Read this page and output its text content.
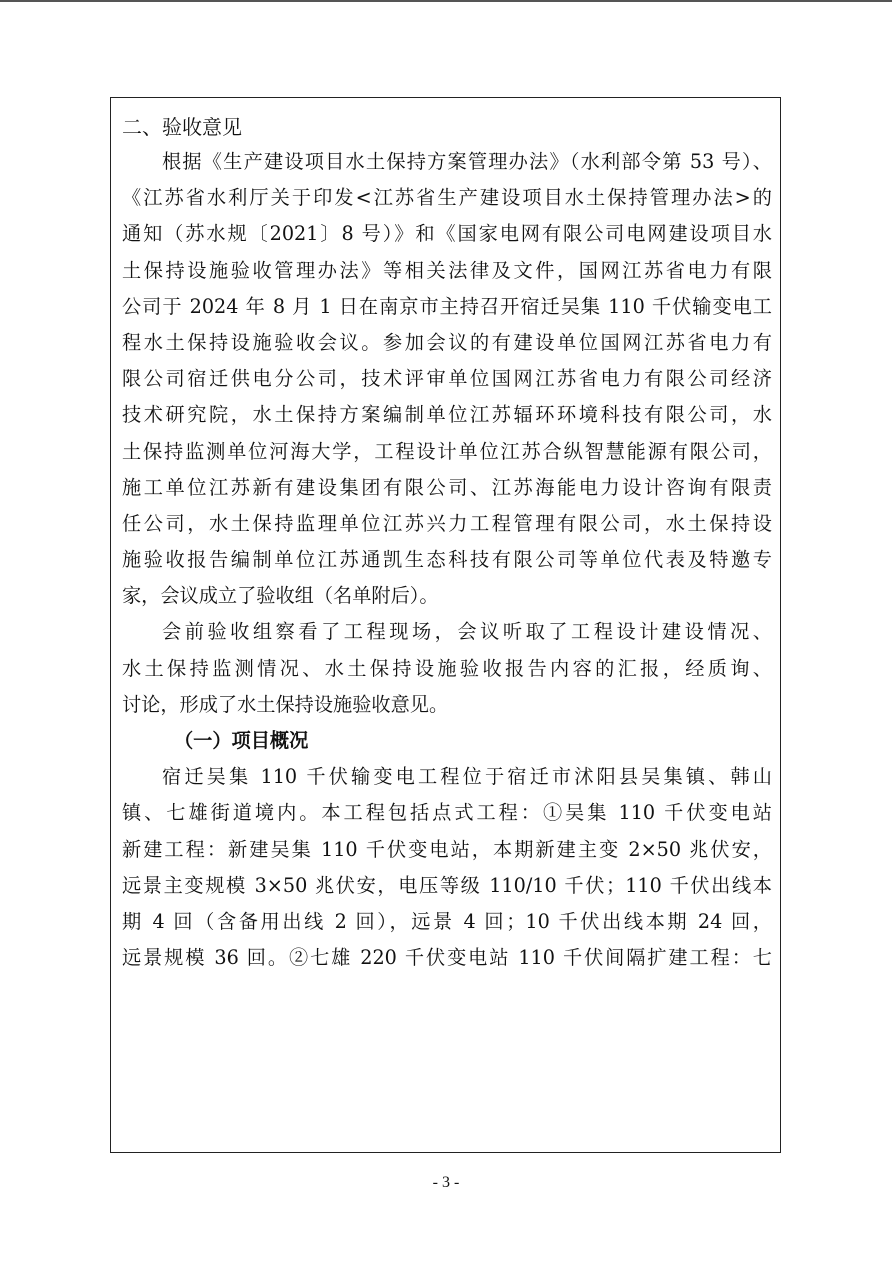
二、验收意见

根据《生产建设项目水土保持方案管理办法》（水利部令第 53 号）、

《江苏省水利厅关于印发<江苏省生产建设项目水土保持管理办法>的

通知（苏水规〔2021〕8 号）》和《国家电网有限公司电网建设项目水

土保持设施验收管理办法》等相关法律及文件，国网江苏省电力有限

公司于 2024 年 8 月 1 日在南京市主持召开宿迁吴集 110 千伏输变电工

程水土保持设施验收会议。参加会议的有建设单位国网江苏省电力有

限公司宿迁供电分公司，技术评审单位国网江苏省电力有限公司经济

技术研究院，水土保持方案编制单位江苏辐环环境科技有限公司，水

土保持监测单位河海大学，工程设计单位江苏合纵智慧能源有限公司，

施工单位江苏新有建设集团有限公司、江苏海能电力设计咨询有限责

任公司，水土保持监理单位江苏兴力工程管理有限公司，水土保持设

施验收报告编制单位江苏通凯生态科技有限公司等单位代表及特邀专

家，会议成立了验收组（名单附后）。

会前验收组察看了工程现场，会议听取了工程设计建设情况、

水土保持监测情况、水土保持设施验收报告内容的汇报，经质询、

讨论，形成了水土保持设施验收意见。

（一）项目概况

宿迁吴集 110 千伏输变电工程位于宿迁市沭阳县吴集镇、韩山

镇、七雄街道境内。本工程包括点式工程：①吴集 110 千伏变电站

新建工程：新建吴集 110 千伏变电站，本期新建主变 2×50 兆伏安，

远景主变规模 3×50 兆伏安，电压等级 110/10 千伏；110 千伏出线本

期 4 回（含备用出线 2 回），远景 4 回；10 千伏出线本期 24 回，

远景规模 36 回。②七雄 220 千伏变电站 110 千伏间隔扩建工程：七

- 3 -
